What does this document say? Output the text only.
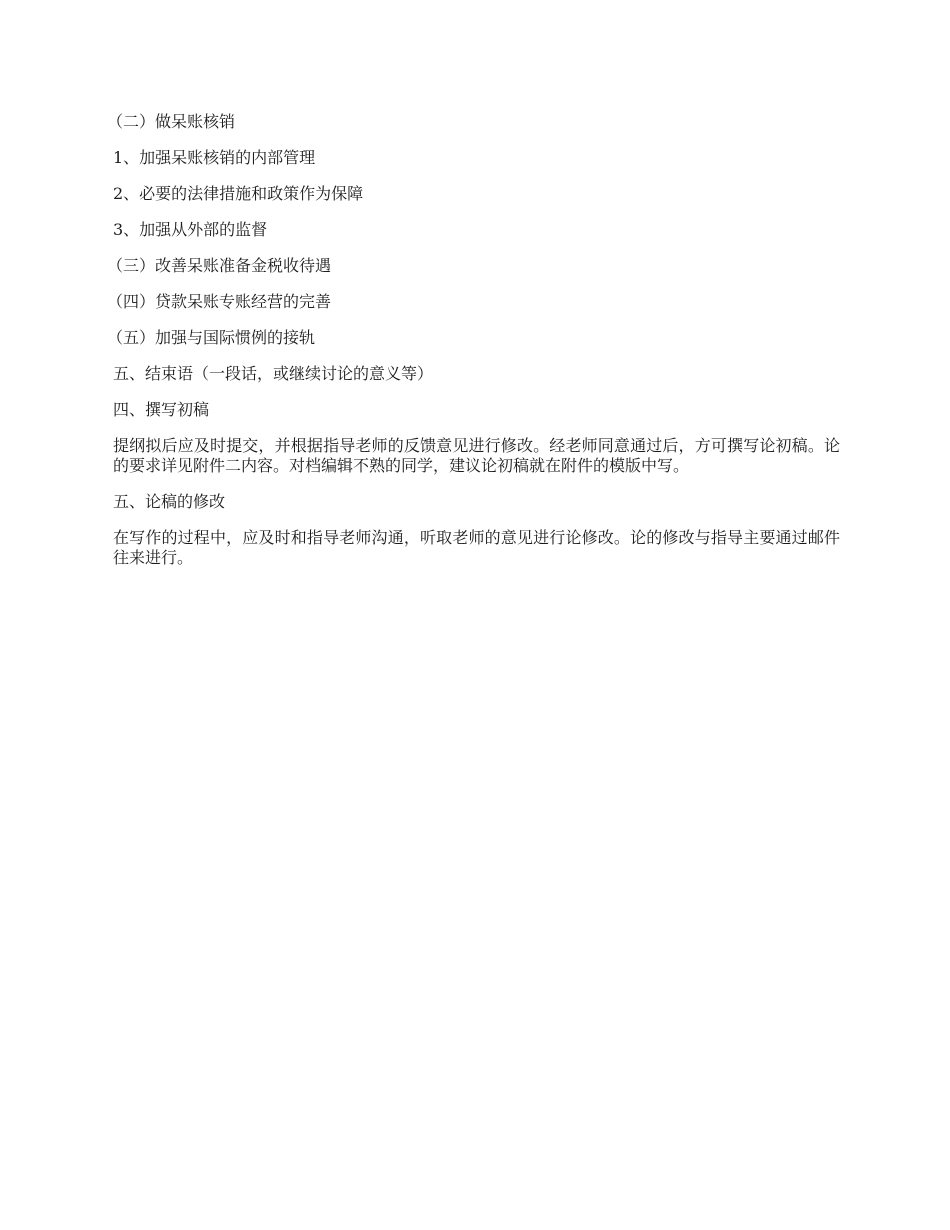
（二）做呆账核销
1、加强呆账核销的内部管理
2、必要的法律措施和政策作为保障
3、加强从外部的监督
（三）改善呆账准备金税收待遇
（四）贷款呆账专账经营的完善
（五）加强与国际惯例的接轨
五、结束语（一段话，或继续讨论的意义等）
四、撰写初稿
提纲拟后应及时提交，并根据指导老师的反馈意见进行修改。经老师同意通过后，方可撰写论初稿。论的要求详见附件二内容。对档编辑不熟的同学，建议论初稿就在附件的模版中写。
五、论稿的修改
在写作的过程中，应及时和指导老师沟通，听取老师的意见进行论修改。论的修改与指导主要通过邮件往来进行。
